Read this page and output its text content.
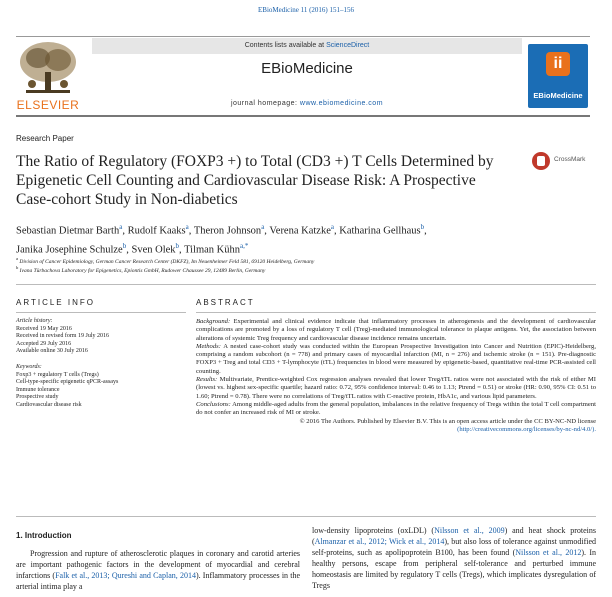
EBioMedicine 11 (2016) 151–156
ELSEVIER
Contents lists available at ScienceDirect
EBioMedicine
journal homepage: www.ebiomedicine.com
ii
EBioMedicine
Research Paper
The Ratio of Regulatory (FOXP3 +) to Total (CD3 +) T Cells Determined by Epigenetic Cell Counting and Cardiovascular Disease Risk: A Prospective Case-cohort Study in Non-diabetics
CrossMark
Sebastian Dietmar Barth$^a$, Rudolf Kaaks$^a$, Theron Johnson$^a$, Verena Katzke$^a$, Katharina Gellhaus$^b$,
Janika Josephine Schulze$^b$, Sven Olek$^b$, Tilman Kühn$^{a,*}$
$^a$ Division of Cancer Epidemiology, German Cancer Research Center (DKFZ), Im Neuenheimer Feld 581, 69120 Heidelberg, Germany
$^b$ Ivana Türbachova Laboratory for Epigenetics, Epiontis GmbH, Rudower Chaussee 29, 12489 Berlin, Germany
ARTICLE INFO	ABSTRACT
Article history:
Received 19 May 2016
Received in revised form 19 July 2016
Accepted 29 July 2016
Available online 30 July 2016
Keywords:
Foxp3 + regulatory T cells (Tregs)
Cell-type-specific epigenetic qPCR-assays
Immune tolerance
Prospective study
Cardiovascular disease risk
Background: Experimental and clinical evidence indicate that inflammatory processes in atherogenesis and the development of cardiovascular complications are promoted by a loss of regulatory T cell (Treg)-mediated immunological tolerance to plaque antigens. Yet, the association between alterations of systemic Treg frequency and cardiovascular disease incidence remains uncertain.
Methods: A nested case-cohort study was conducted within the European Prospective Investigation into Cancer and Nutrition (EPIC)-Heidelberg, comprising a random subcohort (n = 778) and primary cases of myocardial infarction (MI, n = 276) and ischemic stroke (n = 151). Pre-diagnostic FOXP3 + Treg and total CD3 + T-lymphocyte (tTL) frequencies in blood were measured by epigenetic-based, quantitative real-time PCR-assisted cell counting.
Results: Multivariate, Prentice-weighted Cox regression analyses revealed that lower Treg/tTL ratios were not associated with the risk of either MI (lowest vs. highest sex-specific quartile; hazard ratio: 0.72, 95% confidence interval: 0.46 to 1.13; Ptrend = 0.51) or stroke (HR: 0.90, 95% CI: 0.51 to 1.60; Ptrend = 0.78). There were no correlations of Treg/tTL ratios with C-reactive protein, HbA1c, and various lipid parameters.
Conclusions: Among middle-aged adults from the general population, imbalances in the relative frequency of Tregs within the total T cell compartment do not confer an increased risk of MI or stroke.
© 2016 The Authors. Published by Elsevier B.V. This is an open access article under the CC BY-NC-ND license
(http://creativecommons.org/licenses/by-nc-nd/4.0/).
1. Introduction
Progression and rupture of atherosclerotic plaques in coronary and carotid arteries are important pathogenic factors in the development of myocardial and cerebral infarctions (Falk et al., 2013; Qureshi and Caplan, 2014). Inflammatory processes in the arterial intima play a
low-density lipoproteins (oxLDL) (Nilsson et al., 2009) and heat shock proteins (Almanzar et al., 2012; Wick et al., 2014), but also loss of tolerance against unmodified self-proteins, such as apolipoprotein B100, has been found (Nilsson et al., 2012). In healthy persons, escape from peripheral self-tolerance and perturbed immune homeostasis are limited by regulatory T cells (Tregs), which implicates dysregulation of Tregs
